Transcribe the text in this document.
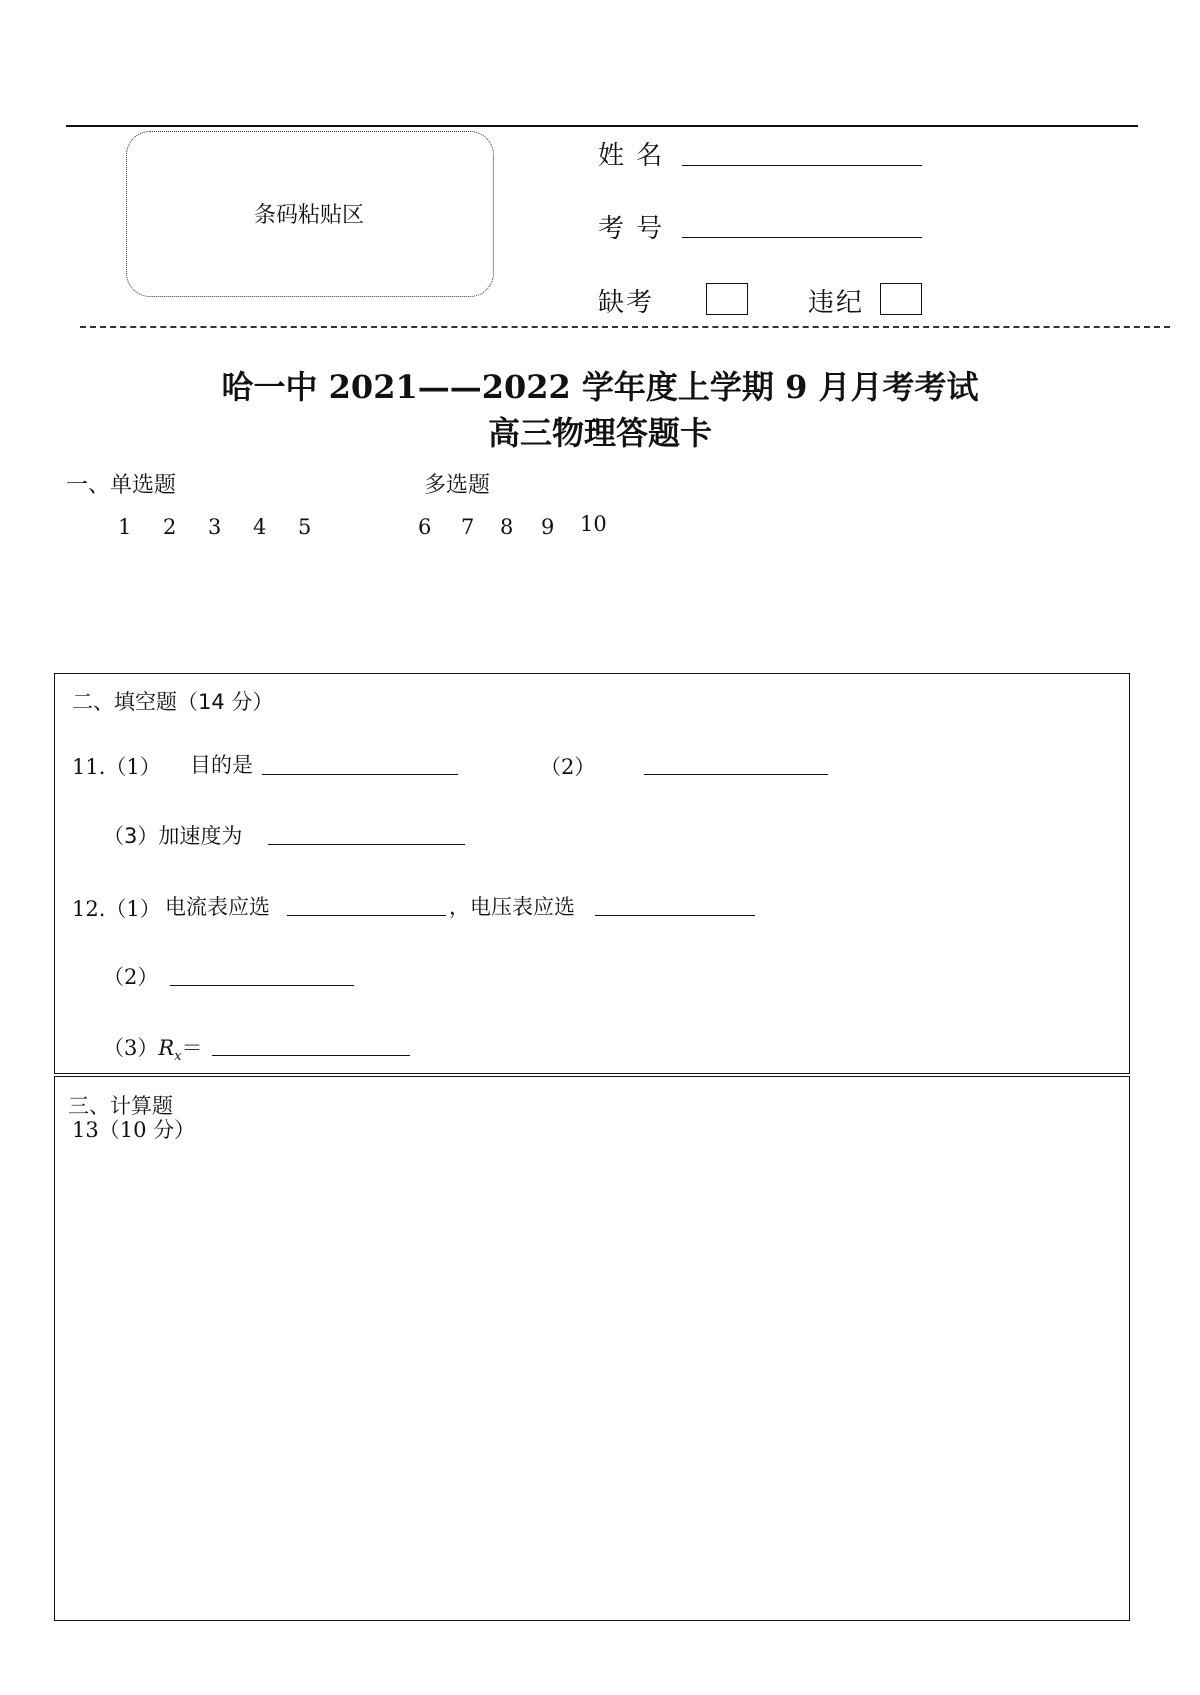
条码粘贴区
姓 名
考 号
缺考	违纪
哈一中 2021——2022 学年度上学期 9 月月考考试
高三物理答题卡
一、单选题	多选题
1 2 3 4 5	6 7 8 9 10
二、填空题（14 分）
11.（1） 目的是	（2）
（3）加速度为
12.（1） 电流表应选	，电压表应选
（2）
$(3)R_x=$
三、计算题
13（10 分）
